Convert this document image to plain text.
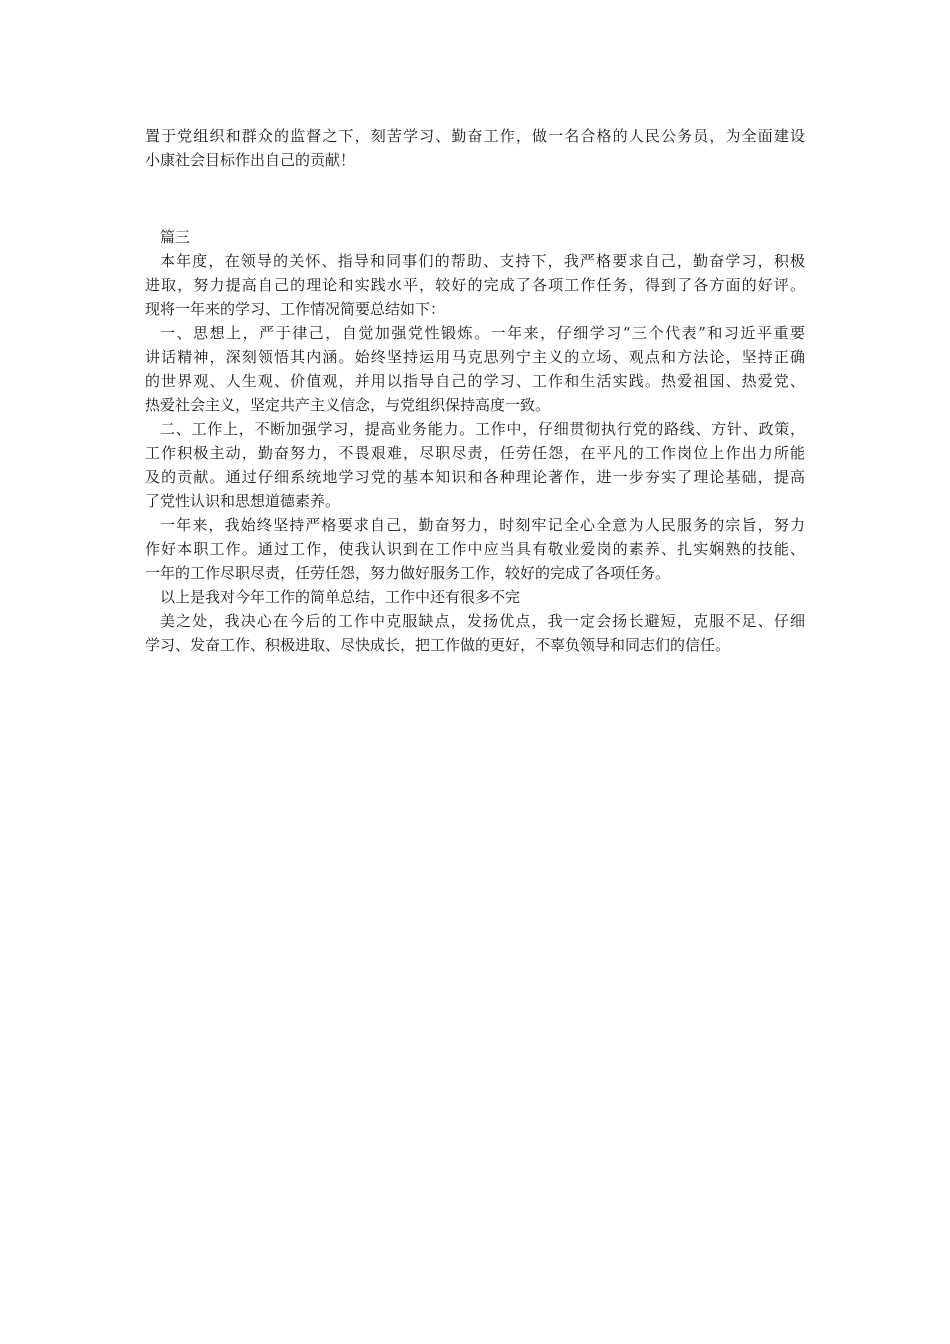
置于党组织和群众的监督之下，刻苦学习、勤奋工作，做一名合格的人民公务员，为全面建设
小康社会目标作出自己的贡献！
篇三
本年度，在领导的关怀、指导和同事们的帮助、支持下，我严格要求自己，勤奋学习，积极
进取，努力提高自己的理论和实践水平，较好的完成了各项工作任务，得到了各方面的好评。
现将一年来的学习、工作情况简要总结如下：
一、思想上，严于律己，自觉加强党性锻炼。一年来，仔细学习“三个代表”和习近平重要
讲话精神，深刻领悟其内涵。始终坚持运用马克思列宁主义的立场、观点和方法论，坚持正确
的世界观、人生观、价值观，并用以指导自己的学习、工作和生活实践。热爱祖国、热爱党、
热爱社会主义，坚定共产主义信念，与党组织保持高度一致。
二、工作上，不断加强学习，提高业务能力。工作中，仔细贯彻执行党的路线、方针、政策，
工作积极主动，勤奋努力，不畏艰难，尽职尽责，任劳任怨，在平凡的工作岗位上作出力所能
及的贡献。通过仔细系统地学习党的基本知识和各种理论著作，进一步夯实了理论基础，提高
了党性认识和思想道德素养。
一年来，我始终坚持严格要求自己，勤奋努力，时刻牢记全心全意为人民服务的宗旨，努力
作好本职工作。通过工作，使我认识到在工作中应当具有敬业爱岗的素养、扎实娴熟的技能、
一年的工作尽职尽责，任劳任怨，努力做好服务工作，较好的完成了各项任务。
以上是我对今年工作的简单总结，工作中还有很多不完
美之处，我决心在今后的工作中克服缺点，发扬优点，我一定会扬长避短，克服不足、仔细
学习、发奋工作、积极进取、尽快成长，把工作做的更好，不辜负领导和同志们的信任。
